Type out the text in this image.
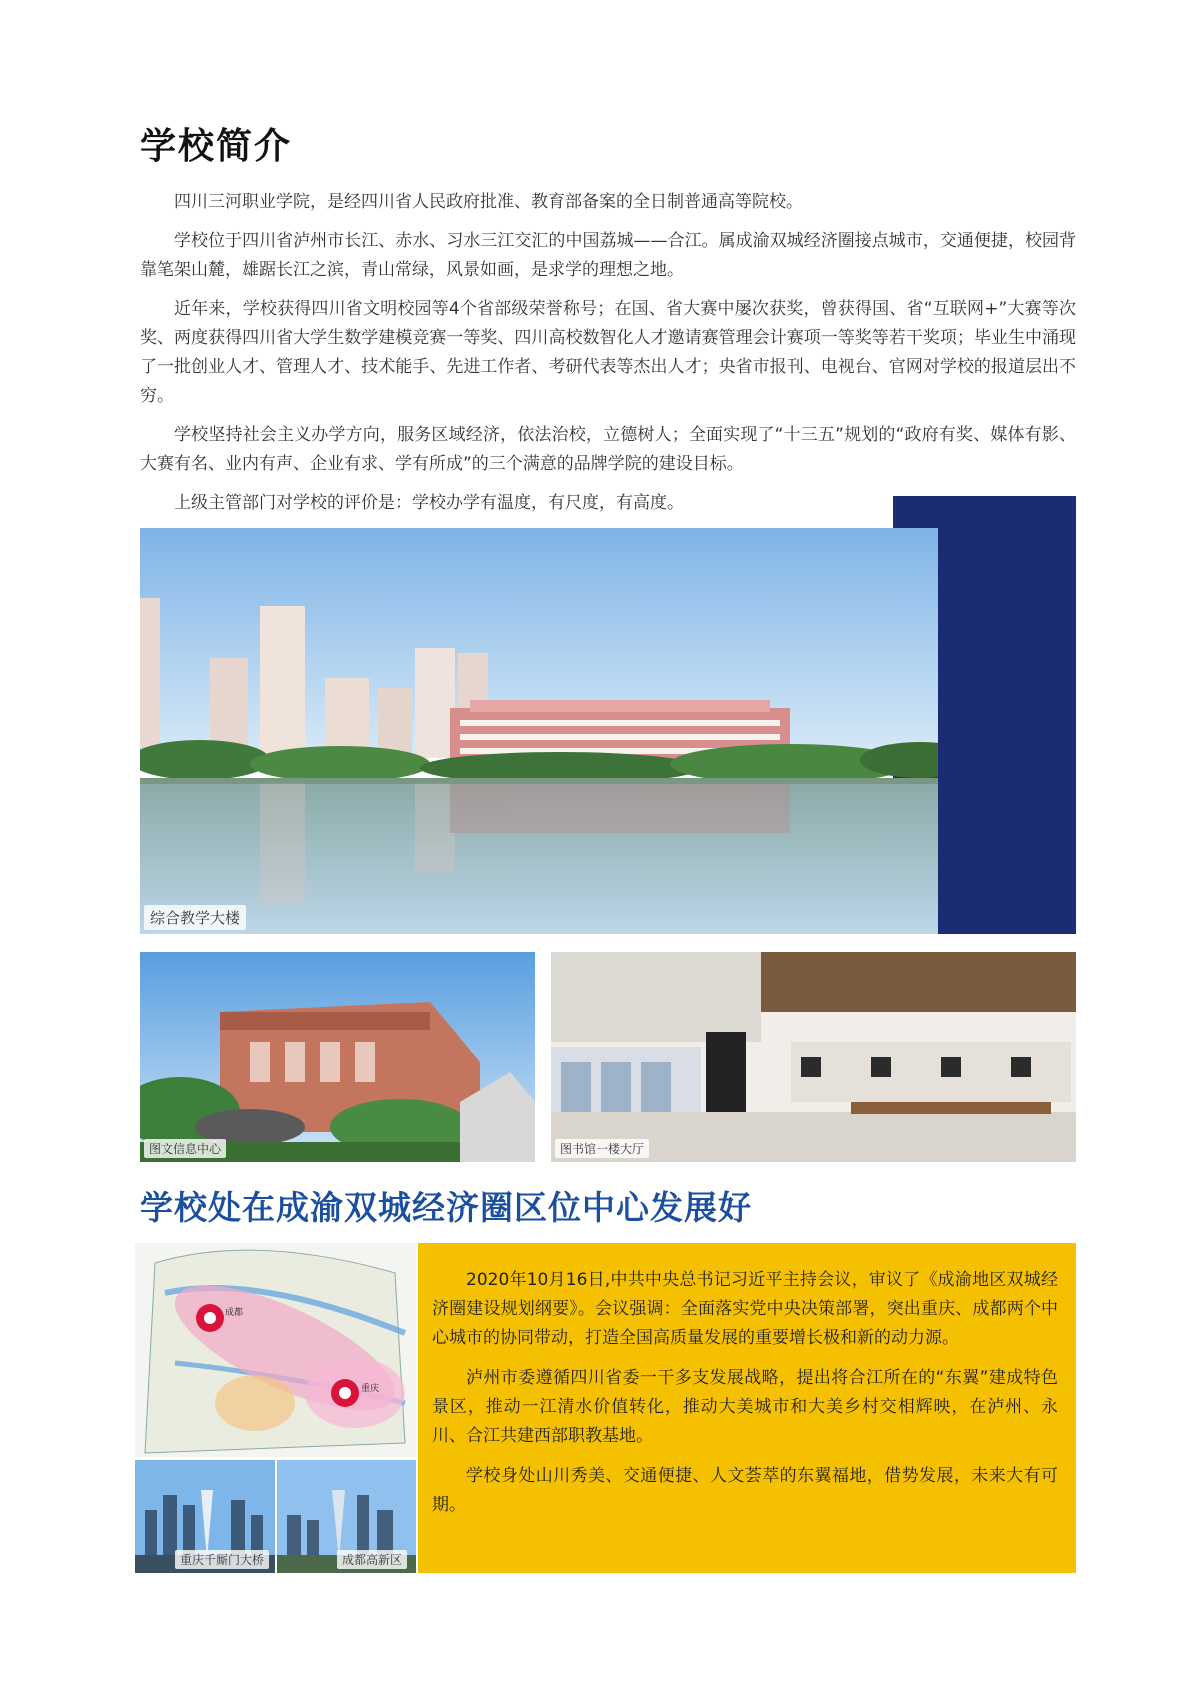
学校简介

四川三河职业学院，是经四川省人民政府批准、教育部备案的全日制普通高等院校。

学校位于四川省泸州市长江、赤水、习水三江交汇的中国荔城——合江。属成渝双城经济圈接点城市，交通便捷，校园背靠笔架山麓，雄踞长江之滨，青山常绿，风景如画，是求学的理想之地。

近年来，学校获得四川省文明校园等4个省部级荣誉称号；在国、省大赛中屡次获奖，曾获得国、省“互联网+”大赛等次奖、两度获得四川省大学生数学建模竞赛一等奖、四川高校数智化人才邀请赛管理会计赛项一等奖等若干奖项；毕业生中涌现了一批创业人才、管理人才、技术能手、先进工作者、考研代表等杰出人才；央省市报刊、电视台、官网对学校的报道层出不穷。

学校坚持社会主义办学方向，服务区域经济，依法治校，立德树人；全面实现了“十三五”规划的“政府有奖、媒体有影、大赛有名、业内有声、企业有求、学有所成”的三个满意的品牌学院的建设目标。

上级主管部门对学校的评价是：学校办学有温度，有尺度，有高度。

综合教学大楼
图文信息中心	图书馆一楼大厅
学校处在成渝双城经济圈区位中心发展好
成都
重庆
重庆千厮门大桥	成都高新区

2020年10月16日,中共中央总书记习近平主持会议，审议了《成渝地区双城经济圈建设规划纲要》。会议强调：全面落实党中央决策部署，突出重庆、成都两个中心城市的协同带动，打造全国高质量发展的重要增长极和新的动力源。

泸州市委遵循四川省委一干多支发展战略，提出将合江所在的“东翼”建成特色景区，推动一江清水价值转化，推动大美城市和大美乡村交相辉映，在泸州、永川、合江共建西部职教基地。

学校身处山川秀美、交通便捷、人文荟萃的东翼福地，借势发展，未来大有可期。
